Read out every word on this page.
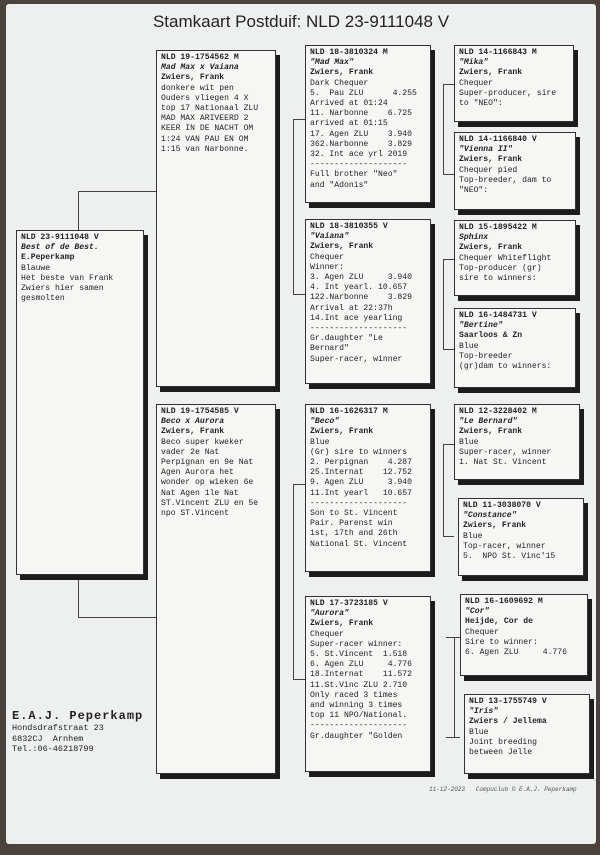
Stamkaart Postduif: NLD 23-9111048 V
NLD 23-9111048 V
Best of de Best.
E.Peperkamp
Blauwe
Het beste van Frank
Zwiers hier samen
gesmolten
NLD 19-1754562 M
Mad Max x Vaiana
Zwiers, Frank
donkere wit pen
Ouders vliegen 4 X
top 17 Nationaal ZLU
MAD MAX ARIVEERD 2
KEER IN DE NACHT OM
1:24 VAN PAU EN OM
1:15 van Narbonne.
NLD 19-1754585 V
Beco x Aurora
Zwiers, Frank
Beco super kweker
vader 2e Nat
Perpignan en 9e Nat
Agen Aurora het
wonder op wieken 6e
Nat Agen 1le Nat
ST.Vincent ZLU en 5e
npo ST.Vincent
NLD 18-3810324 M
"Mad Max"
Zwiers, Frank
Dark Chequer
5.  Pau ZLU      4.255
Arrived at 01:24
11. Narbonne    6.725
arrived at 01:15
17. Agen ZLU    3.940
362.Narbonne    3.829
32. Int ace yrl 2019
--------------------
Full brother "Neo"
and "Adonis"
NLD 18-3810355 V
"Vaiana"
Zwiers, Frank
Chequer
Winner:
3. Agen ZLU     3.940
4. Int yearl. 10.657
122.Narbonne    3.829
Arrival at 22:37h
14.Int ace yearling
--------------------
Gr.daughter "Le
Bernard"
Super-racer, winner
NLD 16-1626317 M
"Beco"
Zwiers, Frank
Blue
(Gr) sire to winners
2. Perpignan    4.287
25.Internat    12.752
9. Agen ZLU     3.940
11.Int yearl   10.657
--------------------
Son to St. Vincent
Pair. Parenst win
1st, 17th and 26th
National St. Vincent
NLD 17-3723185 V
"Aurora"
Zwiers, Frank
Chequer
Super-racer winner:
5. St.Vincent  1.518
6. Agen ZLU     4.776
18.Internat    11.572
11.St.Vinc ZLU 2.710
Only raced 3 times
and winning 3 times
top 11 NPO/National.
--------------------
Gr.daughter "Golden
NLD 14-1166843 M
"Mika"
Zwiers, Frank
Chequer
Super-producer, sire
to "NEO":
NLD 14-1166840 V
"Vienna II"
Zwiers, Frank
Chequer pied
Top-breeder, dam to
"NEO":
NLD 15-1895422 M
Sphinx
Zwiers, Frank
Chequer Whiteflight
Top-producer (gr)
sire to winners:
NLD 16-1484731 V
"Bertine"
Saarloos & Zn
Blue
Top-breeder
(gr)dam to winners:
NLD 12-3228402 M
"Le Bernard"
Zwiers, Frank
Blue
Super-racer, winner
1. Nat St. Vincent
NLD 11-3038070 V
"Constance"
Zwiers, Frank
Blue
Top-racer, winner
5.  NPO St. Vinc'15
NLD 16-1609692 M
"Cor"
Heijde, Cor de
Chequer
Sire to winner:
6. Agen ZLU     4.776
NLD 13-1755749 V
"Iris"
Zwiers / Jellema
Blue
Joint breeding
between Jelle
E.A.J. Peperkamp
Hondsdrafstraat 23
6832CJ  Arnhem
Tel.:06-46218799
11-12-2023   Compuclub © E.A.J. Peperkamp
